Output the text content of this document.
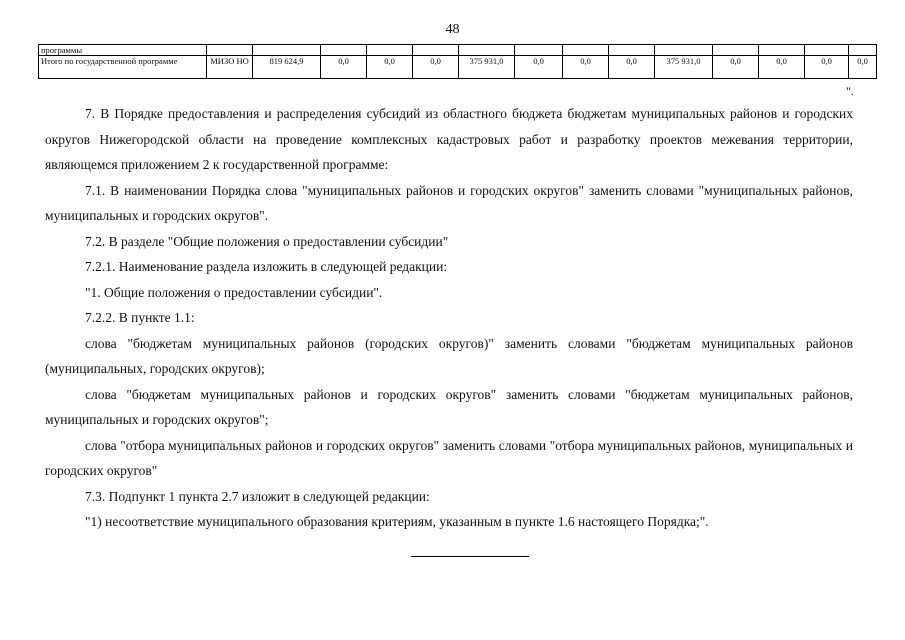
48
программы														
Итого по государственной программе	МИЗО НО	819 624,9	0,0	0,0	0,0	375 931,0	0,0	0,0	0,0	375 931,0	0,0	0,0	0,0	0,0
".

7. В Порядке предоставления и распределения субсидий из областного бюджета бюджетам муниципальных районов и городских округов Нижегородской области на проведение комплексных кадастровых работ и разработку проектов межевания территории, являющемся приложением 2 к государственной программе:

7.1. В наименовании Порядка слова "муниципальных районов и городских округов" заменить словами "муниципальных районов, муниципальных и городских округов".

7.2. В разделе "Общие положения о предоставлении субсидии"

7.2.1. Наименование раздела изложить в следующей редакции:

"1. Общие положения о предоставлении субсидии".

7.2.2. В пункте 1.1:

слова "бюджетам муниципальных районов (городских округов)" заменить словами "бюджетам муниципальных районов (муниципальных, городских округов);

слова "бюджетам муниципальных районов и городских округов" заменить словами "бюджетам муниципальных районов, муниципальных и городских округов";

слова "отбора муниципальных районов и городских округов" заменить словами "отбора муниципальных районов, муниципальных и городских округов"

7.3. Подпункт 1 пункта 2.7 изложит в следующей редакции:

"1) несоответствие муниципального образования критериям, указанным в пункте 1.6 настоящего Порядка;".
